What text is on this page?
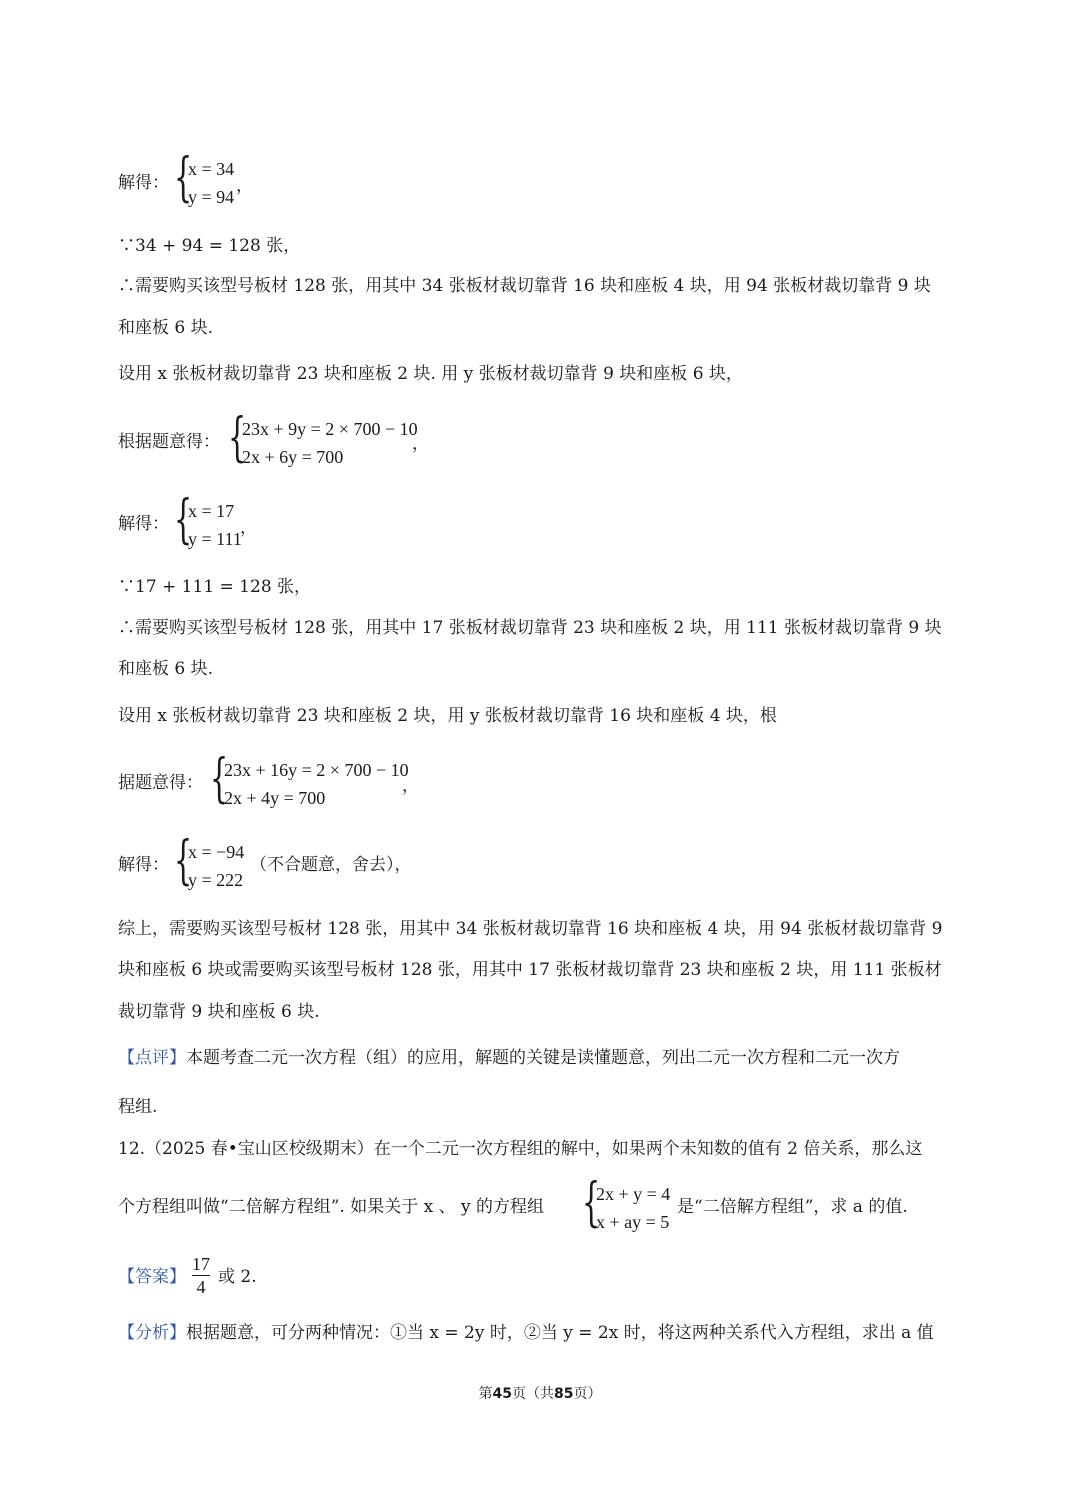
解得： {
x = 34
y = 94
，
∵34 + 94 = 128 张，
∴需要购买该型号板材 128 张，用其中 34 张板材裁切靠背 16 块和座板 4 块，用 94 张板材裁切靠背 9 块
和座板 6 块.
设用 x 张板材裁切靠背 23 块和座板 2 块. 用 y 张板材裁切靠背 9 块和座板 6 块，
根据题意得： {
23x + 9y = 2 × 700 − 10
2x + 6y = 700
，
解得： {
x = 17
y = 111
，
∵17 + 111 = 128 张，
∴需要购买该型号板材 128 张，用其中 17 张板材裁切靠背 23 块和座板 2 块，用 111 张板材裁切靠背 9 块
和座板 6 块.
设用 x 张板材裁切靠背 23 块和座板 2 块，用 y 张板材裁切靠背 16 块和座板 4 块，根
据题意得： {
23x + 16y = 2 × 700 − 10
2x + 4y = 700
，
解得： {
x = −94
y = 222
（不合题意，舍去），
综上，需要购买该型号板材 128 张，用其中 34 张板材裁切靠背 16 块和座板 4 块，用 94 张板材裁切靠背 9
块和座板 6 块或需要购买该型号板材 128 张，用其中 17 张板材裁切靠背 23 块和座板 2 块，用 111 张板材
裁切靠背 9 块和座板 6 块.
【点评】本题考查二元一次方程（组）的应用，解题的关键是读懂题意，列出二元一次方程和二元一次方
程组.
12.（2025 春•宝山区校级期末）在一个二元一次方程组的解中，如果两个未知数的值有 2 倍关系，那么这
个方程组叫做“二倍解方程组”. 如果关于 x 、 y 的方程组 {
2x + y = 4
x + ay = 5
是“二倍解方程组”，求 a 的值.
【答案】
17
4 或 2.
【分析】根据题意，可分两种情况：①当 x = 2y 时，②当 y = 2x 时，将这两种关系代入方程组，求出 a 值
第45页（共85页）
